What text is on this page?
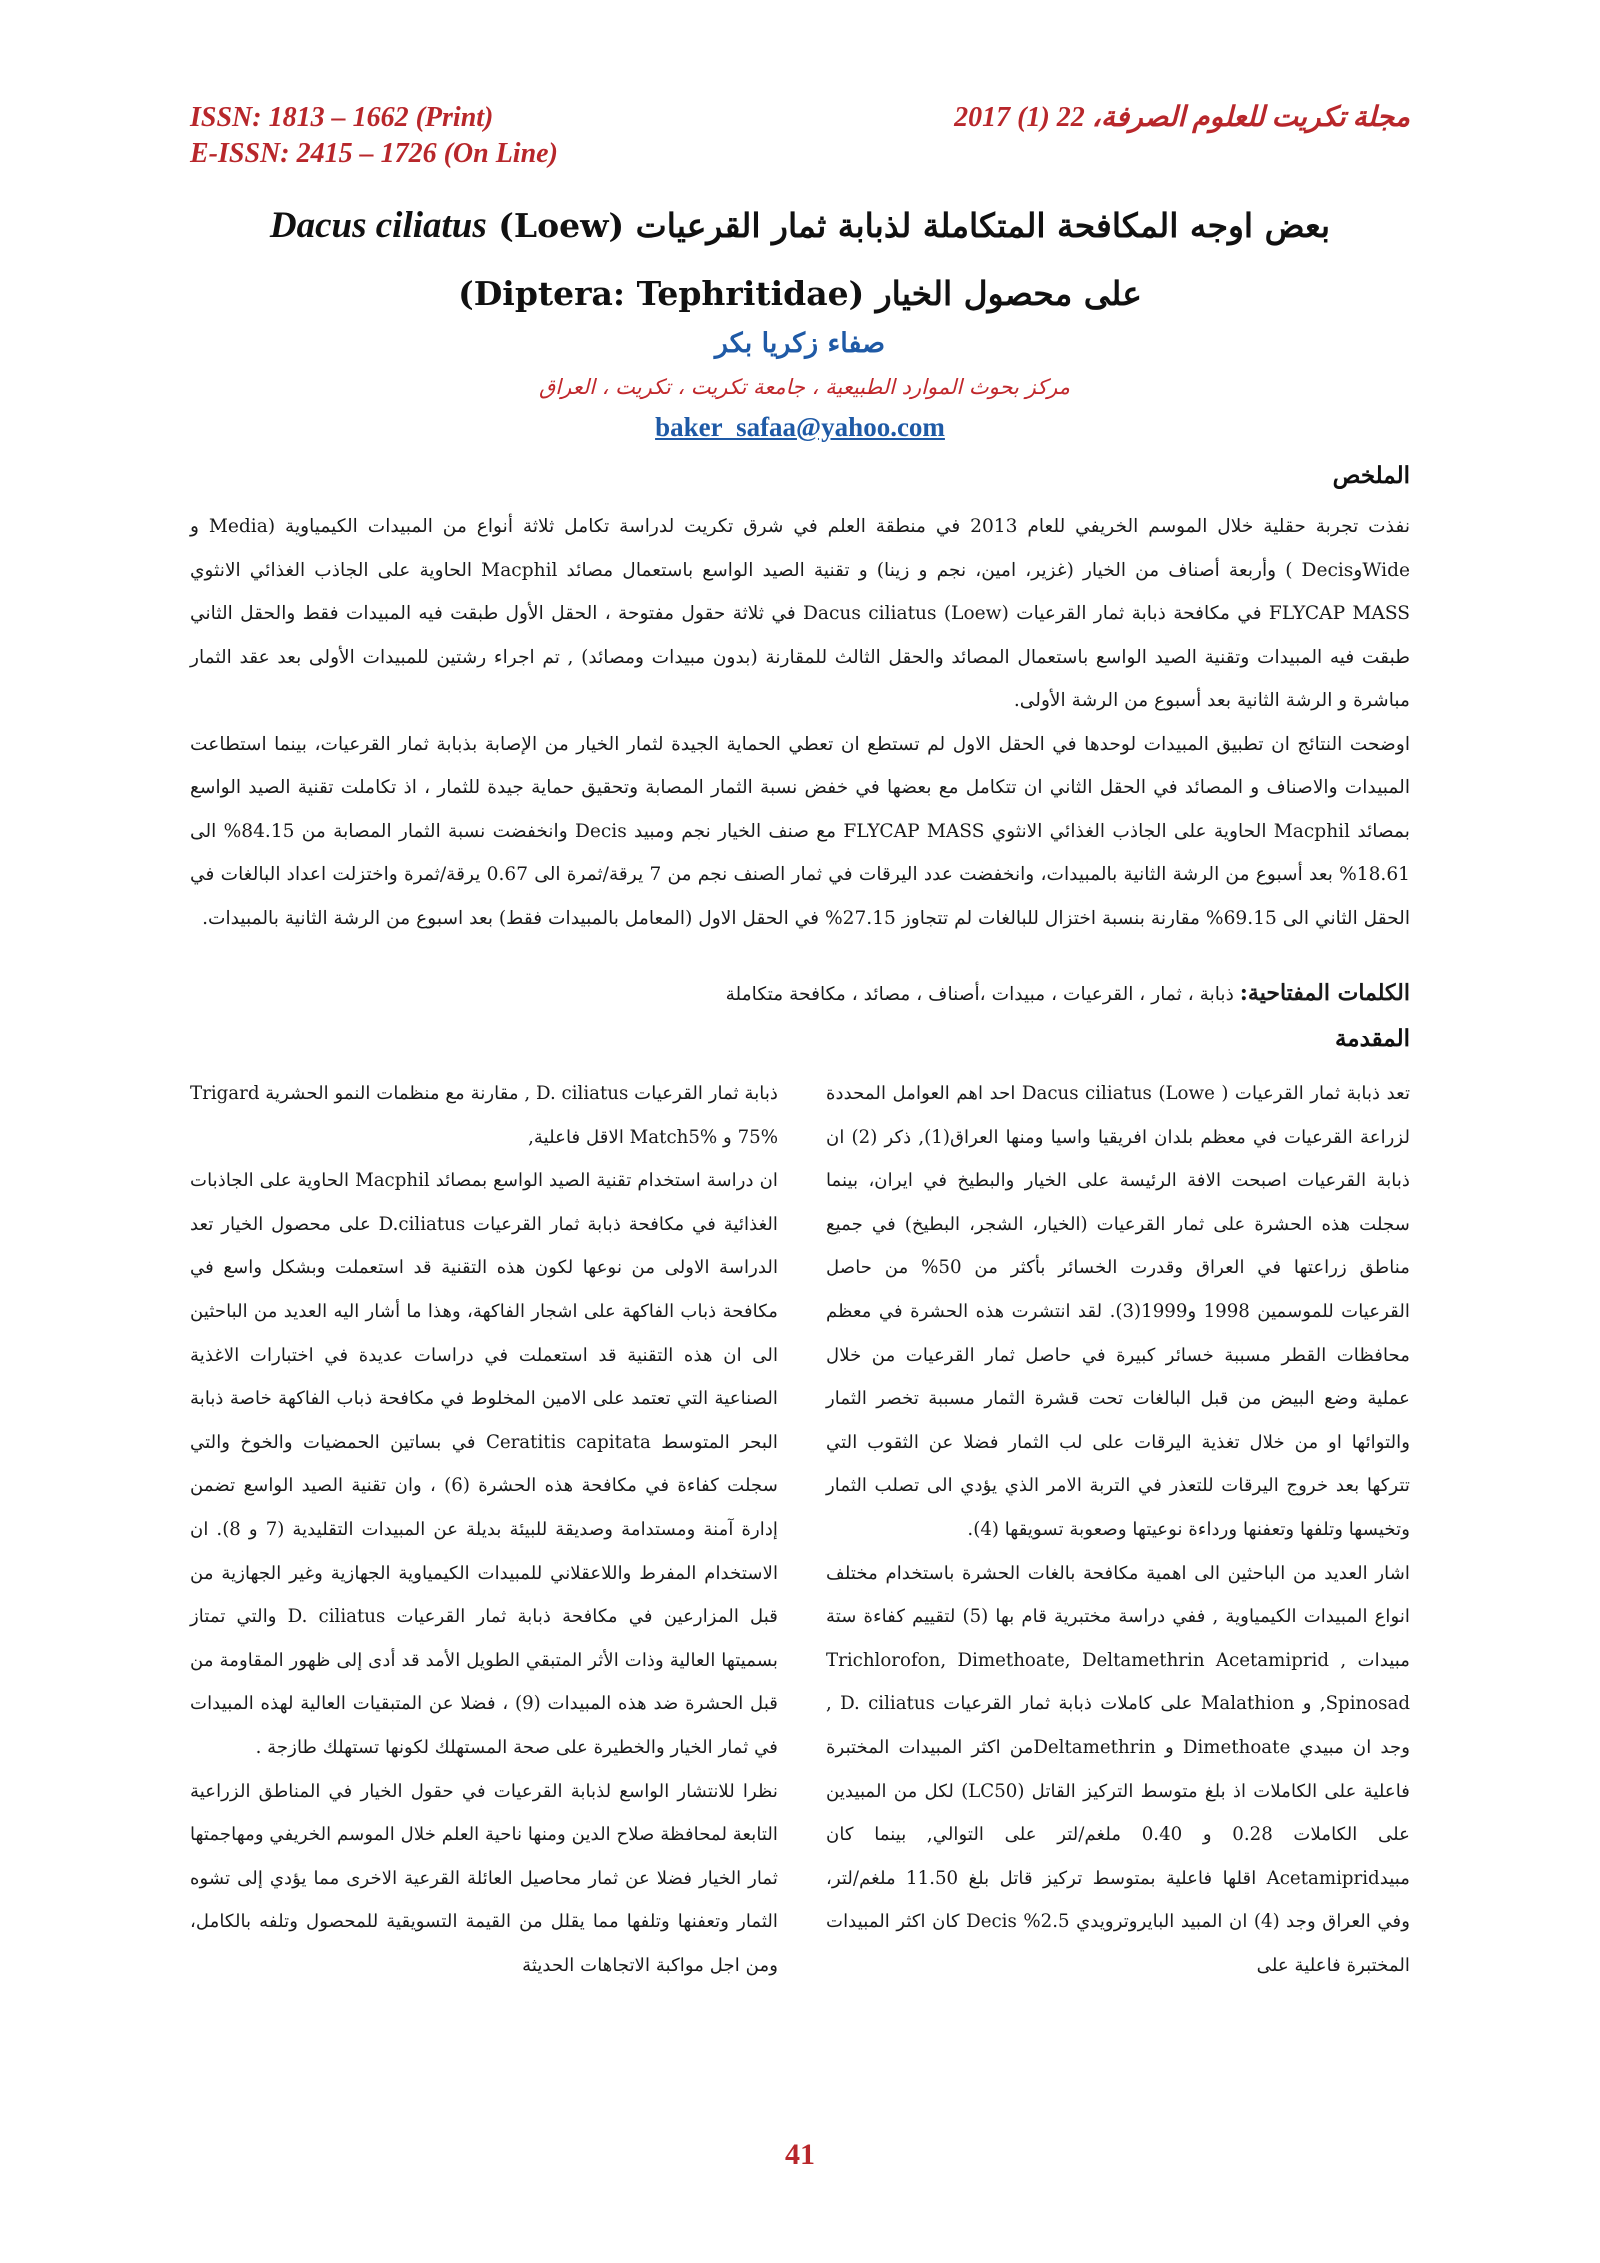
ISSN: 1813 – 1662 (Print)
E-ISSN: 2415 – 1726 (On Line)
مجلة تكريت للعلوم الصرفة، 22 (1) 2017
بعض اوجه المكافحة المتكاملة لذبابة ثمار القرعيات Dacus ciliatus (Loew)
على محصول الخيار (Diptera: Tephritidae)
صفاء زكريا بكر
مركز بحوث الموارد الطبيعية ، جامعة تكريت ، تكريت ، العراق
baker_safaa@yahoo.com
الملخص

نفذت تجربة حقلية خلال الموسم الخريفي للعام 2013 في منطقة العلم في شرق تكريت لدراسة تكامل ثلاثة أنواع من المبيدات الكيمياوية (Media و WideوDecis ) وأربعة أصناف من الخيار (غزير، امين، نجم و زينا) و تقنية الصيد الواسع باستعمال مصائد Macphil الحاوية على الجاذب الغذائي الانثوي FLYCAP MASS في مكافحة ذبابة ثمار القرعيات Dacus ciliatus (Loew) في ثلاثة حقول مفتوحة ، الحقل الأول طبقت فيه المبيدات فقط والحقل الثاني طبقت فيه المبيدات وتقنية الصيد الواسع باستعمال المصائد والحقل الثالث للمقارنة (بدون مبيدات ومصائد) , تم اجراء رشتين للمبيدات الأولى بعد عقد الثمار مباشرة و الرشة الثانية بعد أسبوع من الرشة الأولى.

اوضحت النتائج ان تطبيق المبيدات لوحدها في الحقل الاول لم تستطع ان تعطي الحماية الجيدة لثمار الخيار من الإصابة بذبابة ثمار القرعيات، بينما استطاعت المبيدات والاصناف و المصائد في الحقل الثاني ان تتكامل مع بعضها في خفض نسبة الثمار المصابة وتحقيق حماية جيدة للثمار ، اذ تكاملت تقنية الصيد الواسع بمصائد Macphil الحاوية على الجاذب الغذائي الانثوي FLYCAP MASS مع صنف الخيار نجم ومبيد Decis وانخفضت نسبة الثمار المصابة من 84.15% الى 18.61% بعد أسبوع من الرشة الثانية بالمبيدات، وانخفضت عدد اليرقات في ثمار الصنف نجم من 7 يرقة/ثمرة الى 0.67 يرقة/ثمرة واختزلت اعداد البالغات في الحقل الثاني الى 69.15% مقارنة بنسبة اختزال للبالغات لم تتجاوز 27.15% في الحقل الاول (المعامل بالمبيدات فقط) بعد اسبوع من الرشة الثانية بالمبيدات.

الكلمات المفتاحية: ذبابة ، ثمار ، القرعيات ، مبيدات ،أصناف ، مصائد ، مكافحة متكاملة
المقدمة

تعد ذبابة ثمار القرعيات Dacus ciliatus (Lowe ) احد اهم العوامل المحددة لزراعة القرعيات في معظم بلدان افريقيا واسيا ومنها العراق(1), ذكر (2) ان ذبابة القرعيات اصبحت الافة الرئيسة على الخيار والبطيخ في ايران، بينما سجلت هذه الحشرة على ثمار القرعيات (الخيار، الشجر، البطيخ) في جميع مناطق زراعتها في العراق وقدرت الخسائر بأكثر من 50% من حاصل القرعيات للموسمين 1998 و1999(3). لقد انتشرت هذه الحشرة في معظم محافظات القطر مسببة خسائر كبيرة في حاصل ثمار القرعيات من خلال عملية وضع البيض من قبل البالغات تحت قشرة الثمار مسببة تخصر الثمار والتوائها او من خلال تغذية اليرقات على لب الثمار فضلا عن الثقوب التي تتركها بعد خروج اليرقات للتعذر في التربة الامر الذي يؤدي الى تصلب الثمار وتخيسها وتلفها وتعفنها ورداءة نوعيتها وصعوبة تسويقها (4).

اشار العديد من الباحثين الى اهمية مكافحة بالغات الحشرة باستخدام مختلف انواع المبيدات الكيمياوية , ففي دراسة مختبرية قام بها (5) لتقييم كفاءة ستة مبيدات Trichlorofon, Dimethoate, Deltamethrin Acetamiprid , Spinosad, و Malathion على كاملات ذبابة ثمار القرعيات D. ciliatus , وجد ان مبيدي Dimethoate و Deltamethrinمن اكثر المبيدات المختبرة فاعلية على الكاملات اذ بلغ متوسط التركيز القاتل (LC50) لكل من المبيدين على الكاملات 0.28 و 0.40 ملغم/لتر على التوالي, بينما كان مبيدAcetamiprid اقلها فاعلية بمتوسط تركيز قاتل بلغ 11.50 ملغم/لتر، وفي العراق وجد (4) ان المبيد البايروترويدي 2.5% Decis كان اكثر المبيدات المختبرة فاعلية على

ذبابة ثمار القرعيات D. ciliatus , مقارنة مع منظمات النمو الحشرية Trigard 75% و Match5% الاقل فاعلية,

ان دراسة استخدام تقنية الصيد الواسع بمصائد Macphil الحاوية على الجاذبات الغذائية في مكافحة ذبابة ثمار القرعيات D.ciliatus على محصول الخيار تعد الدراسة الاولى من نوعها لكون هذه التقنية قد استعملت وبشكل واسع في مكافحة ذباب الفاكهة على اشجار الفاكهة، وهذا ما أشار اليه العديد من الباحثين الى ان هذه التقنية قد استعملت في دراسات عديدة في اختبارات الاغذية الصناعية التي تعتمد على الامين المخلوط في مكافحة ذباب الفاكهة خاصة ذبابة البحر المتوسط Ceratitis capitata في بساتين الحمضيات والخوخ والتي سجلت كفاءة في مكافحة هذه الحشرة (6) ، وان تقنية الصيد الواسع تضمن إدارة آمنة ومستدامة وصديقة للبيئة بديلة عن المبيدات التقليدية (7 و 8). ان الاستخدام المفرط واللاعقلاني للمبيدات الكيمياوية الجهازية وغير الجهازية من قبل المزارعين في مكافحة ذبابة ثمار القرعيات D. ciliatus والتي تمتاز بسميتها العالية وذات الأثر المتبقي الطويل الأمد قد أدى إلى ظهور المقاومة من قبل الحشرة ضد هذه المبيدات (9) ، فضلا عن المتبقيات العالية لهذه المبيدات في ثمار الخيار والخطيرة على صحة المستهلك لكونها تستهلك طازجة .

نظرا للانتشار الواسع لذبابة القرعيات في حقول الخيار في المناطق الزراعية التابعة لمحافظة صلاح الدين ومنها ناحية العلم خلال الموسم الخريفي ومهاجمتها ثمار الخيار فضلا عن ثمار محاصيل العائلة القرعية الاخرى مما يؤدي إلى تشوه الثمار وتعفنها وتلفها مما يقلل من القيمة التسويقية للمحصول وتلفه بالكامل، ومن اجل مواكبة الاتجاهات الحديثة

41
